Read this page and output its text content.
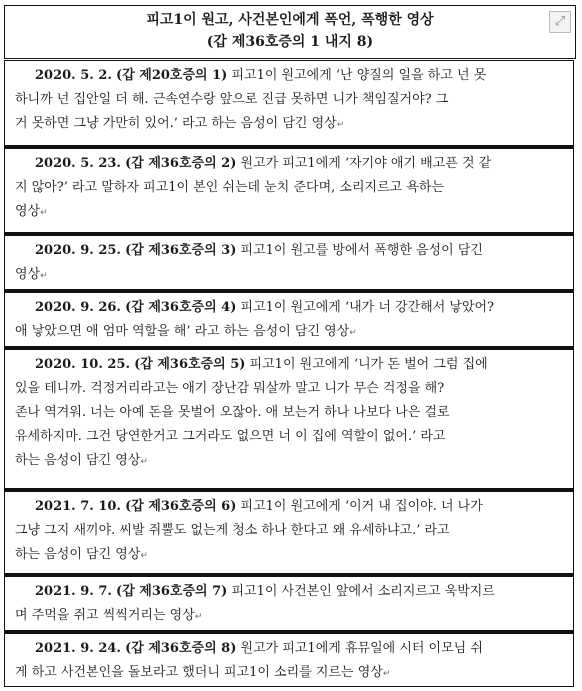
피고1이 원고, 사건본인에게 폭언, 폭행한 영상
(갑 제36호증의 1 내지 8)
⤢
2020. 5. 2. (갑 제20호증의 1) 피고1이 원고에게 ‘난 양질의 일을 하고 넌 못
하니까 넌 집안일 더 해. 근속연수랑 앞으로 진급 못하면 니가 책임질거야? 그
거 못하면 그냥 가만히 있어.’ 라고 하는 음성이 담긴 영상↵
2020. 5. 23. (갑 제36호증의 2) 원고가 피고1에게 ‘자기야 애기 배고픈 것 같
지 않아?’ 라고 말하자 피고1이 본인 쉬는데 눈치 준다며, 소리지르고 욕하는
영상↵
2020. 9. 25. (갑 제36호증의 3) 피고1이 원고를 방에서 폭행한 음성이 담긴
영상↵
2020. 9. 26. (갑 제36호증의 4) 피고1이 원고에게 ‘내가 너 강간해서 낳았어?
애 낳았으면 애 엄마 역할을 해’ 라고 하는 음성이 담긴 영상↵
2020. 10. 25. (갑 제36호증의 5) 피고1이 원고에게 ‘니가 돈 벌어 그럼 집에
있을 테니까. 걱정거리라고는 애기 장난감 뭐살까 말고 니가 무슨 걱정을 해?
존나 역겨워. 너는 아예 돈을 못벌어 오잖아. 애 보는거 하나 나보다 나은 걸로
유세하지마. 그건 당연한거고 그거라도 없으면 너 이 집에 역할이 없어.’ 라고
하는 음성이 담긴 영상↵
2021. 7. 10. (갑 제36호증의 6) 피고1이 원고에게 ‘이거 내 집이야. 너 나가
그냥 그지 새끼야. 씨발 쥐뿔도 없는게 청소 하나 한다고 왜 유세하냐고.’ 라고
하는 음성이 담긴 영상↵
2021. 9. 7. (갑 제36호증의 7) 피고1이 사건본인 앞에서 소리지르고 욱박지르
며 주먹을 쥐고 씩씩거리는 영상↵
2021. 9. 24. (갑 제36호증의 8) 원고가 피고1에게 휴뮤일에 시터 이모님 쉬
게 하고 사건본인을 돌보라고 했더니 피고1이 소리를 지르는 영상↵
